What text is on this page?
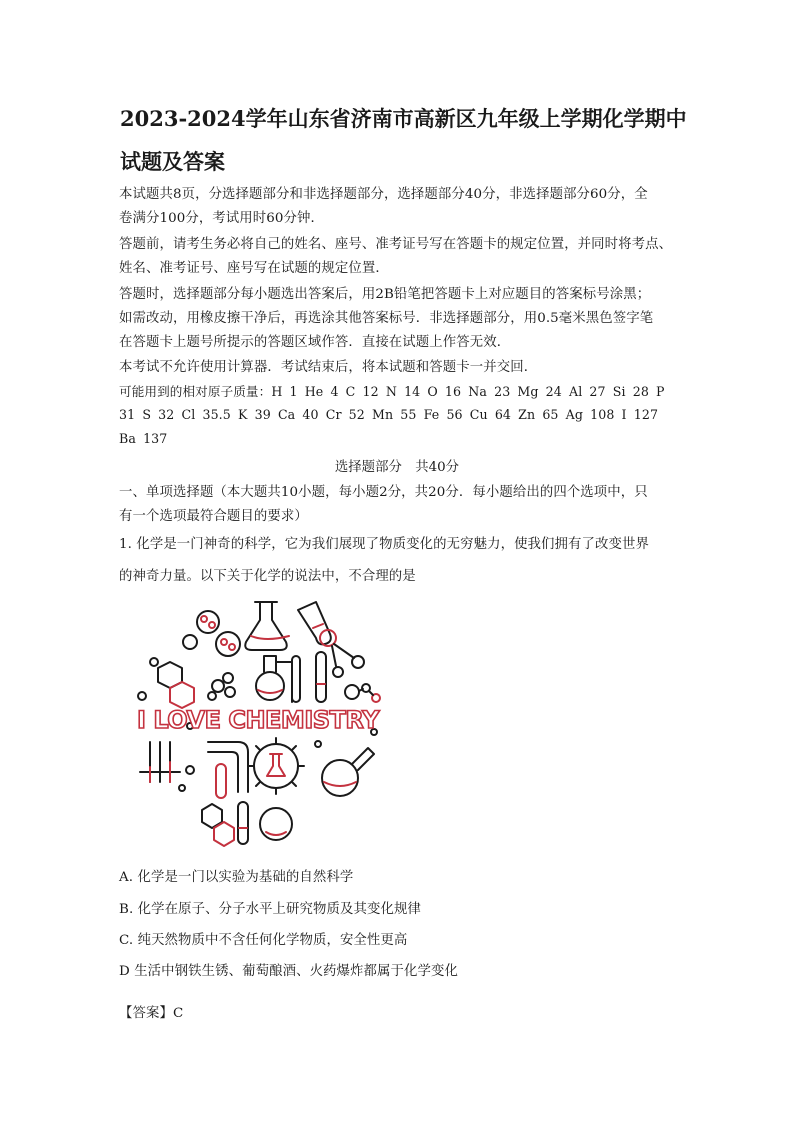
2023-2024学年山东省济南市高新区九年级上学期化学期中
试题及答案
本试题共8页，分选择题部分和非选择题部分，选择题部分40分，非选择题部分60分，全
卷满分100分，考试用时60分钟．
答题前，请考生务必将自己的姓名、座号、准考证号写在答题卡的规定位置，并同时将考点、
姓名、准考证号、座号写在试题的规定位置．
答题时，选择题部分每小题选出答案后，用2B铅笔把答题卡上对应题目的答案标号涂黑；
如需改动，用橡皮擦干净后，再选涂其他答案标号．非选择题部分，用0.5毫米黑色签字笔
在答题卡上题号所提示的答题区域作答．直接在试题上作答无效．
本考试不允许使用计算器．考试结束后，将本试题和答题卡一并交回．
可能用到的相对原子质量：H 1 He 4 C 12 N 14 O 16 Na 23 Mg 24 Al 27 Si 28 P
31 S 32 Cl 35.5 K 39 Ca 40 Cr 52 Mn 55 Fe 56 Cu 64 Zn 65 Ag 108 I 127
Ba 137
选择题部分　共40分
一、单项选择题（本大题共10小题，每小题2分，共20分．每小题给出的四个选项中，只
有一个选项最符合题目的要求）
1. 化学是一门神奇的科学，它为我们展现了物质变化的无穷魅力，使我们拥有了改变世界
的神奇力量。以下关于化学的说法中，不合理的是
I LOVE CHEMISTRY
A. 化学是一门以实验为基础的自然科学
B. 化学在原子、分子水平上研究物质及其变化规律
C. 纯天然物质中不含任何化学物质，安全性更高
D 生活中钢铁生锈、葡萄酿酒、火药爆炸都属于化学变化
【答案】C
